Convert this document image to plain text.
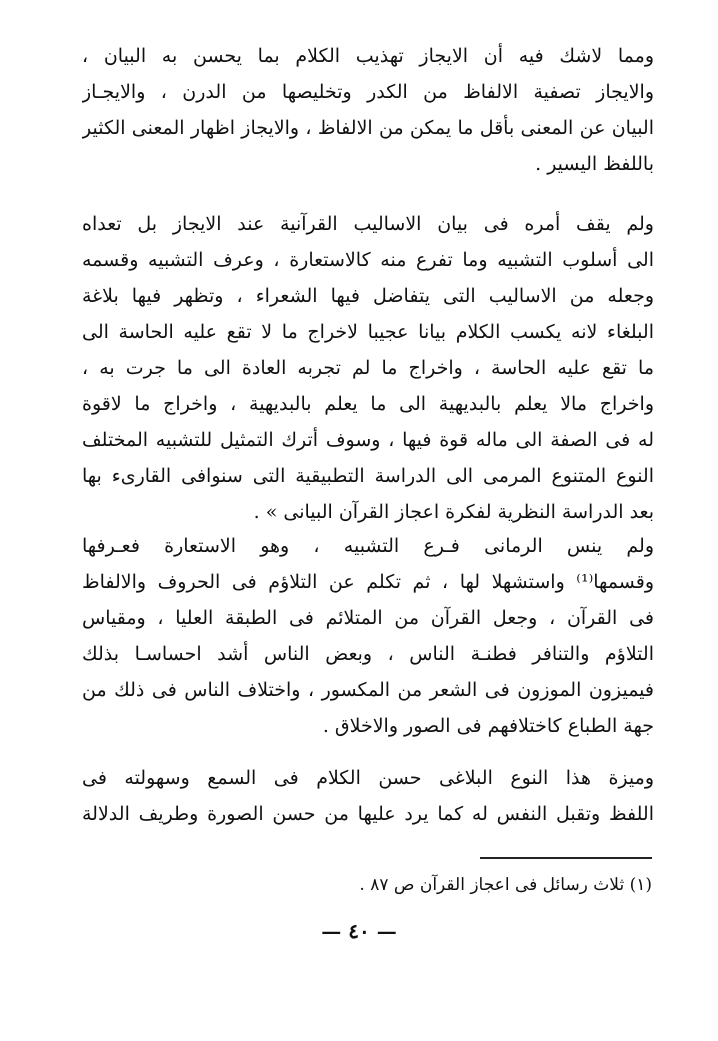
ومما لاشك فيه أن الايجاز تهذيب الكلام بما يحسن به البيان ،
والايجاز تصفية الالفاظ من الكدر وتخليصها من الدرن ، والايجـاز
البيان عن المعنى بأقل ما يمكن من الالفاظ ، والايجاز اظهار المعنى الكثير
باللفظ اليسير .
ولم يقف أمره فى بيان الاساليب القرآنية عند الايجاز بل تعداه
الى أسلوب التشبيه وما تفرع منه كالاستعارة ، وعرف التشبيه وقسمه
وجعله من الاساليب التى يتفاضل فيها الشعراء ، وتظهر فيها بلاغة
البلغاء لانه يكسب الكلام بيانا عجيبا لاخراج ما لا تقع عليه الحاسة الى
ما تقع عليه الحاسة ، واخراج ما لم تجربه العادة الى ما جرت به ،
واخراج مالا يعلم بالبديهية الى ما يعلم بالبديهية ، واخراج ما لاقوة
له فى الصفة الى ماله قوة فيها ، وسوف أترك التمثيل للتشبيه المختلف
النوع المتنوع المرمى الى الدراسة التطبيقية التى سنوافى القارىء بها
بعد الدراسة النظرية لفكرة اعجاز القرآن البيانى » .
ولم ينس الرمانى فـرع التشبيه ، وهو الاستعارة فعـرفها
وقسمها⁽¹⁾ واستشهلا لها ، ثم تكلم عن التلاؤم فى الحروف والالفاظ
فى القرآن ، وجعل القرآن من المتلائم فى الطبقة العليا ، ومقياس
التلاؤم والتنافر فطنـة الناس ، وبعض الناس أشد احساسـا بذلك
فيميزون الموزون فى الشعر من المكسور ، واختلاف الناس فى ذلك من
جهة الطباع كاختلافهم فى الصور والاخلاق .
وميزة هذا النوع البلاغى حسن الكلام فى السمع وسهولته فى
اللفظ وتقبل النفس له كما يرد عليها من حسن الصورة وطريف الدلالة
(١) ثلاث رسائل فى اعجاز القرآن ص ٨٧ .
— ٤٠ —
